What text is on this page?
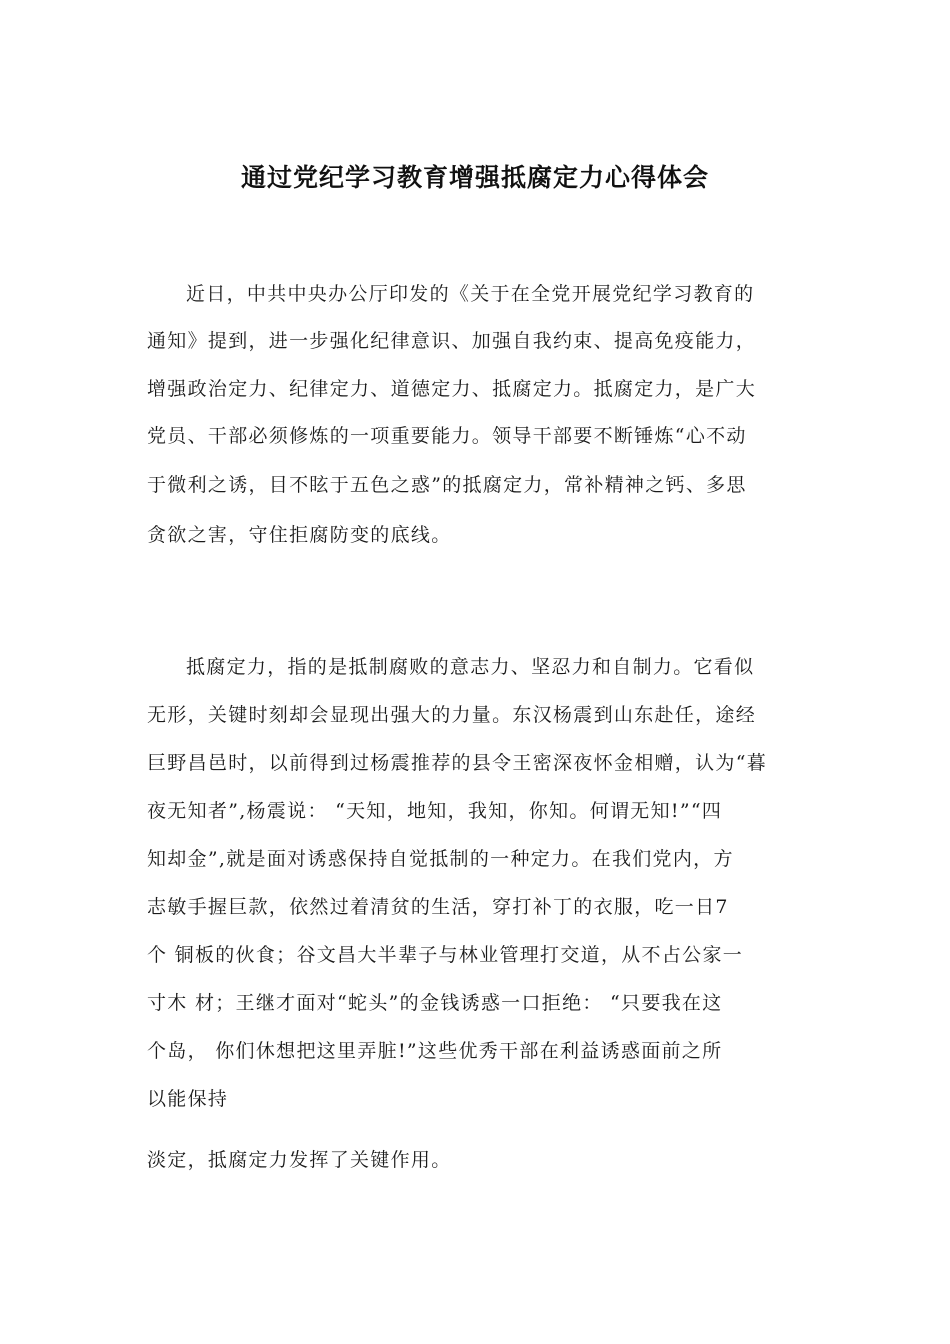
通过党纪学习教育增强抵腐定力心得体会

近日，中共中央办公厅印发的《关于在全党开展党纪学习教育的

通知》提到，进一步强化纪律意识、加强自我约束、提高免疫能力，

增强政治定力、纪律定力、道德定力、抵腐定力。抵腐定力，是广大

党员、干部必须修炼的一项重要能力。领导干部要不断锤炼“心不动

于微利之诱，目不眩于五色之惑”的抵腐定力，常补精神之钙、多思

贪欲之害，守住拒腐防变的底线。

抵腐定力，指的是抵制腐败的意志力、坚忍力和自制力。它看似

无形，关键时刻却会显现出强大的力量。东汉杨震到山东赴任，途经

巨野昌邑时，以前得到过杨震推荐的县令王密深夜怀金相赠，认为“暮

夜无知者”,杨震说： “天知，地知，我知，你知。何谓无知!”“四

知却金”,就是面对诱惑保持自觉抵制的一种定力。在我们党内，方

志敏手握巨款，依然过着清贫的生活，穿打补丁的衣服，吃一日7

个 铜板的伙食；谷文昌大半辈子与林业管理打交道，从不占公家一

寸木 材；王继才面对“蛇头”的金钱诱惑一口拒绝： “只要我在这

个岛， 你们休想把这里弄脏!”这些优秀干部在利益诱惑面前之所

以能保持

淡定，抵腐定力发挥了关键作用。
